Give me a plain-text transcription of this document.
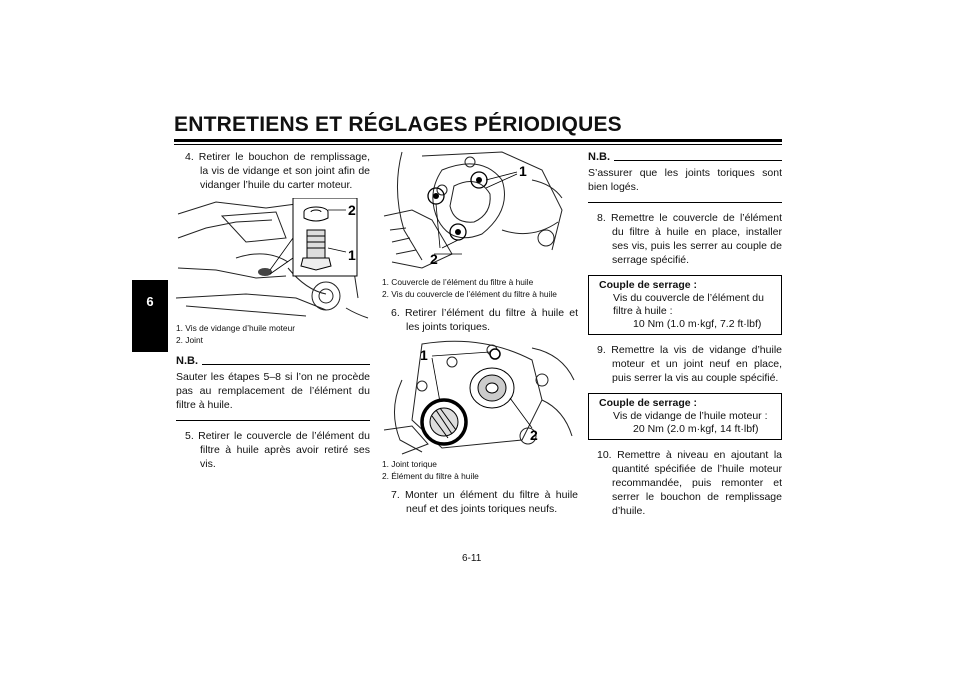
ENTRETIENS ET RÉGLAGES PÉRIODIQUES
6

4. Retirer le bouchon de remplissage, la vis de vidange et son joint afin de vidanger l’huile du carter moteur.

2
1
1. Vis de vidange d’huile moteur
2. Joint
N.B.

Sauter les étapes 5–8 si l’on ne procède pas au remplacement de l’élément du filtre à huile.

5. Retirer le couvercle de l’élément du filtre à huile après avoir retiré ses vis.

1
2
1. Couvercle de l’élément du filtre à huile
2. Vis du couvercle de l’élément du filtre à huile

6. Retirer l’élément du filtre à huile et les joints toriques.

1
2
1. Joint torique
2. Élément du filtre à huile

7. Monter un élément du filtre à huile neuf et des joints toriques neufs.

N.B.

S’assurer que les joints toriques sont bien logés.

8. Remettre le couvercle de l’élément du filtre à huile en place, installer ses vis, puis les serrer au couple de serrage spécifié.

Couple de serrage :
Vis du couvercle de l’élément du filtre à huile :
10 Nm (1.0 m·kgf, 7.2 ft·lbf)

9. Remettre la vis de vidange d’huile moteur et un joint neuf en place, puis serrer la vis au couple spécifié.

Couple de serrage :
Vis de vidange de l’huile moteur :
20 Nm (2.0 m·kgf, 14 ft·lbf)

10. Remettre à niveau en ajoutant la quantité spécifiée de l’huile moteur recommandée, puis remonter et serrer le bouchon de remplissage d’huile.

6-11
